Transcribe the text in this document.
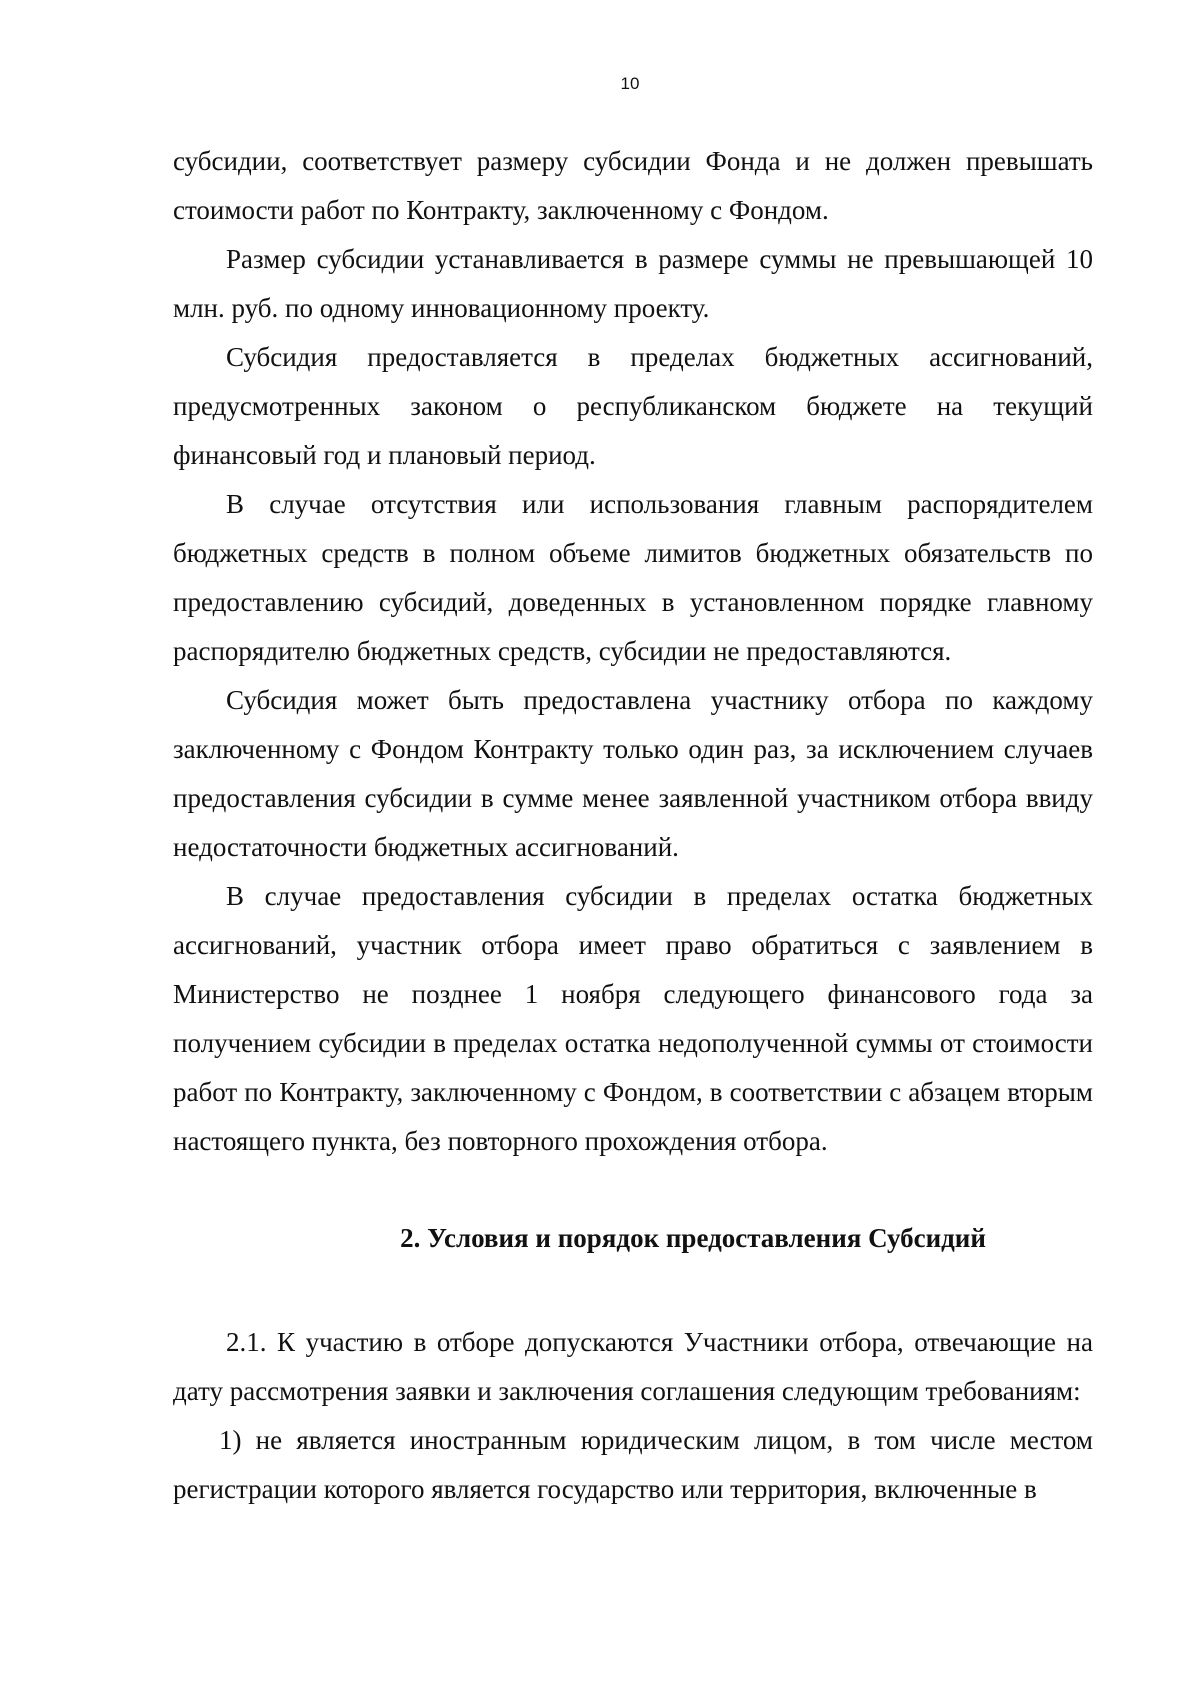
10

субсидии, соответствует размеру субсидии Фонда и не должен превышать стоимости работ по Контракту, заключенному с Фондом.

Размер субсидии устанавливается в размере суммы не превышающей 10 млн. руб. по одному инновационному проекту.

Субсидия предоставляется в пределах бюджетных ассигнований, предусмотренных законом о республиканском бюджете на текущий финансовый год и плановый период.

В случае отсутствия или использования главным распорядителем бюджетных средств в полном объеме лимитов бюджетных обязательств по предоставлению субсидий, доведенных в установленном порядке главному распорядителю бюджетных средств, субсидии не предоставляются.

Субсидия может быть предоставлена участнику отбора по каждому заключенному с Фондом Контракту только один раз, за исключением случаев предоставления субсидии в сумме менее заявленной участником отбора ввиду недостаточности бюджетных ассигнований.

В случае предоставления субсидии в пределах остатка бюджетных ассигнований, участник отбора имеет право обратиться с заявлением в Министерство не позднее 1 ноября следующего финансового года за получением субсидии в пределах остатка недополученной суммы от стоимости работ по Контракту, заключенному с Фондом, в соответствии с абзацем вторым настоящего пункта, без повторного прохождения отбора.

2. Условия и порядок предоставления Субсидий

2.1. К участию в отборе допускаются Участники отбора, отвечающие на дату рассмотрения заявки и заключения соглашения следующим требованиям:

1) не является иностранным юридическим лицом, в том числе местом регистрации которого является государство или территория, включенные в
